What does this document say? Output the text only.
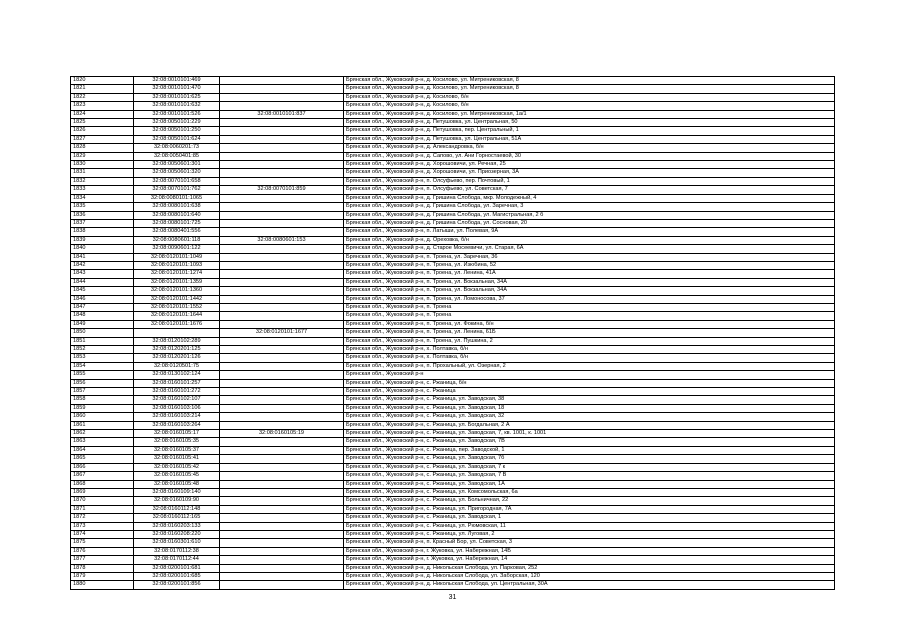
1820	32:08:0010101:469		Брянская обл., Жуковский р-н, д. Косилово, ул. Митрениковская, 8
1821	32:08:0010101:470		Брянская обл., Жуковский р-н, д. Косилово, ул. Митрениковская, 8
1822	32:08:0010101:625		Брянская обл., Жуковский р-н, д. Косилово, б/н
1823	32:08:0010101:632		Брянская обл., Жуковский р-н, д. Косилово, б/н
1824	32:08:0010101:526	32:08:0010101:837	Брянская обл., Жуковский р-н, д. Косилово, ул. Митрениковская, 1а/1
1825	32:08:0050101:229		Брянская обл., Жуковский р-н, д. Петушовка, ул. Центральная, 50
1826	32:08:0050101:250		Брянская обл., Жуковский р-н, д. Петушовка, пер. Центральный, 1
1827	32:08:0050101:624		Брянская обл., Жуковский р-н, д. Петушовка, ул. Центральная, 51А
1828	32:08:0060201:73		Брянская обл., Жуковский р-н, д. Александровка, б/н
1829	32:08:0050401:85		Брянская обл., Жуковский р-н, д. Сапово, ул. Ани Горностаевой, 30
1830	32:08:0050601:301		Брянская обл., Жуковский р-н, д. Хорошовичи, ул. Речная, 25
1831	32:08:0050601:320		Брянская обл., Жуковский р-н, д. Хорошовичи, ул. Приозерная, 3А
1832	32:08:0070101:658		Брянская обл., Жуковский р-н, п. Олсуфьево, пер. Почтовый, 1
1833	32:08:0070101:762	32:08:0070101:859	Брянская обл., Жуковский р-н, п. Олсуфьево, ул. Советская, 7
1834	32:08:0080101:1065		Брянская обл., Жуковский р-н, д. Гришина Слобода, мкр. Молодежный, 4
1835	32:08:0080101:638		Брянская обл., Жуковский р-н, д. Гришина Слобода, ул. Заречная, 3
1836	32:08:0080101:640		Брянская обл., Жуковский р-н, д. Гришина Слобода, ул. Магистральная, 2 б
1837	32:08:0080101:725		Брянская обл., Жуковский р-н, д. Гришина Слобода, ул. Сосновая, 20
1838	32:08:0080401:556		Брянская обл., Жуковский р-н, п. Латыши, ул. Полевая, 9А
1839	32:08:0080601:118	32:08:0080601:153	Брянская обл., Жуковский р-н, д. Ореховка, б/н
1840	32:08:0090601:122		Брянская обл., Жуковский р-н, д. Старое Мосеевичи, ул. Старая, 6А
1841	32:08:0120101:1049		Брянская обл., Жуковский р-н, п. Троена, ул. Заречная, 36
1842	32:08:0120101:1093		Брянская обл., Жуковский р-н, п. Троена, ул. Изюбина, 52
1843	32:08:0120101:1274		Брянская обл., Жуковский р-н, п. Троена, ул. Ленина, 41А
1844	32:08:0120101:1359		Брянская обл., Жуковский р-н, п. Троена, ул. Вокзальная, 34А
1845	32:08:0120101:1360		Брянская обл., Жуковский р-н, п. Троена, ул. Вокзальная, 34А
1846	32:08:0120101:1442		Брянская обл., Жуковский р-н, п. Троена, ул. Ломоносова, 37
1847	32:08:0120101:1552		Брянская обл., Жуковский р-н, п. Троена
1848	32:08:0120101:1644		Брянская обл., Жуковский р-н, п. Троена
1849	32:08:0120101:1676		Брянская обл., Жуковский р-н, п. Троена, ул. Фокина, б/н
1850		32:08:0120101:1677	Брянская обл., Жуковский р-н, п. Троена, ул. Ленина, 61Б
1851	32:08:0120102:289		Брянская обл., Жуковский р-н, п. Троена, ул. Пушкина, 2
1852	32:08:0120201:125		Брянская обл., Жуковский р-н, х. Полтавка, б/н
1853	32:08:0120201:126		Брянская обл., Жуковский р-н, х. Полтавка, б/н
1854	32:08:0120501:75		Брянская обл., Жуковский р-н, п. Прохальный, ул. Озерная, 2
1855	32:08:0130102:124		Брянская обл., Жуковский р-н
1856	32:08:0160101:257		Брянская обл., Жуковский р-н, с. Ржаница, б/н
1857	32:08:0160101:272		Брянская обл., Жуковский р-н, с. Ржаница
1858	32:08:0160102:107		Брянская обл., Жуковский р-н, с. Ржаница, ул. Заводская, 38
1859	32:08:0160103:106		Брянская обл., Жуковский р-н, с. Ржаница, ул. Заводская, 18
1860	32:08:0160103:214		Брянская обл., Жуковский р-н, с. Ржаница, ул. Заводская, 32
1861	32:08:0160103:264		Брянская обл., Жуковский р-н, с. Ржаница, ул. Богдальная, 2 А
1862	32:08:0160105:17	32:08:0160105:19	Брянская обл., Жуковский р-н, с. Ржаница, ул. Заводская, 7, кв. 1001, к. 1001
1863	32:08:0160105:35		Брянская обл., Жуковский р-н, с. Ржаница, ул. Заводская, 7В
1864	32:08:0160105:37		Брянская обл., Жуковский р-н, с. Ржаница, пер. Заводской, 1
1865	32:08:0160105:41		Брянская обл., Жуковский р-н, с. Ржаница, ул. Заводская, 7б
1866	32:08:0160105:42		Брянская обл., Жуковский р-н, с. Ржаница, ул. Заводская, 7 к
1867	32:08:0160105:45		Брянская обл., Жуковский р-н, с. Ржаница, ул. Заводская, 7 В
1868	32:08:0160105:48		Брянская обл., Жуковский р-н, с. Ржаница, ул. Заводская, 1А
1869	32:08:0160109:140		Брянская обл., Жуковский р-н, с. Ржаница, ул. Комсомольская, 6а
1870	32:08:0160109:90		Брянская обл., Жуковский р-н, с. Ржаница, ул. Больничная, 22
1871	32:08:0160112:148		Брянская обл., Жуковский р-н, с. Ржаница, ул. Пригородная, 7А
1872	32:08:0160112:165		Брянская обл., Жуковский р-н, с. Ржаница, ул. Заводская, 1
1873	32:08:0160203:133		Брянская обл., Жуковский р-н, с. Ржаница, ул. Рюмовская, 11
1874	32:08:0160208:220		Брянская обл., Жуковский р-н, с. Ржаница, ул. Луговая, 2
1875	32:08:0160301:610		Брянская обл., Жуковский р-н, п. Красный Бор, ул. Советская, 3
1876	32:08:0170112:38		Брянская обл., Жуковский р-н, г. Жуковка, ул. Набережная, 14Б
1877	32:08:0170112:44		Брянская обл., Жуковский р-н, г. Жуковка, ул. Набережная, 14
1878	32:08:0200101:681		Брянская обл., Жуковский р-н, д. Никольская Слобода, ул. Парковая, 252
1879	32:08:0200101:685		Брянская обл., Жуковский р-н, д. Никольская Слобода, ул. Заборская, 120
1880	32:08:0200101:856		Брянская обл., Жуковский р-н, д. Никольская Слобода, ул. Центральная, 30А
31
